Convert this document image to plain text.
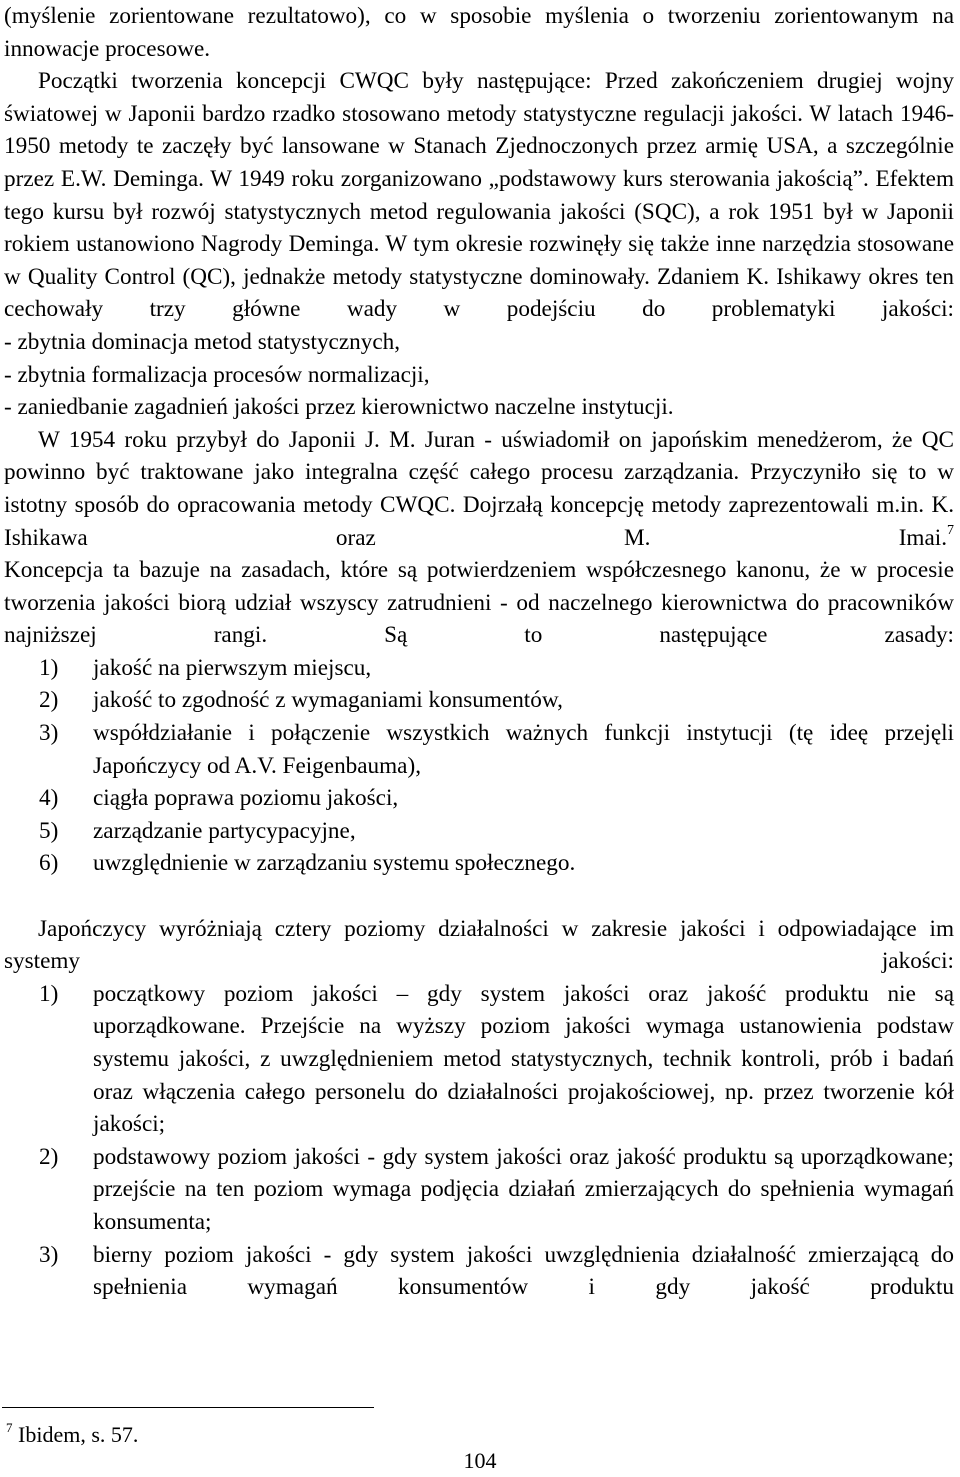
(myślenie zorientowane rezultatowo), co w sposobie myślenia o tworzeniu zorientowanym na innowacje procesowe.

Początki tworzenia koncepcji CWQC były następujące: Przed zakończeniem drugiej wojny światowej w Japonii bardzo rzadko stosowano metody statystyczne regulacji jakości. W latach 1946-1950 metody te zaczęły być lansowane w Stanach Zjednoczonych przez armię USA, a szczególnie przez E.W. Deminga. W 1949 roku zorganizowano „podstawowy kurs sterowania jakością”. Efektem tego kursu był rozwój statystycznych metod regulowania jakości (SQC), a rok 1951 był w Japonii rokiem ustanowiono Nagrody Deminga. W tym okresie rozwinęły się także inne narzędzia stosowane w Quality Control (QC), jednakże metody statystyczne dominowały. Zdaniem K. Ishikawy okres ten cechowały trzy główne wady w podejściu do problematyki jakości:

- zbytnia dominacja metod statystycznych,

- zbytnia formalizacja procesów normalizacji,

- zaniedbanie zagadnień jakości przez kierownictwo naczelne instytucji.

W 1954 roku przybył do Japonii J. M. Juran - uświadomił on japońskim menedżerom, że QC powinno być traktowane jako integralna część całego procesu zarządzania. Przyczyniło się to w istotny sposób do opracowania metody CWQC. Dojrzałą koncepcję metody zaprezentowali m.in. K. Ishikawa oraz M. Imai.$^7$

Koncepcja ta bazuje na zasadach, które są potwierdzeniem współczesnego kanonu, że w procesie tworzenia jakości biorą udział wszyscy zatrudnieni - od naczelnego kierownictwa do pracowników najniższej rangi. Są to następujące zasady:

1)	jakość na pierwszym miejscu,
2)	jakość to zgodność z wymaganiami konsumentów,
3)	współdziałanie i połączenie wszystkich ważnych funkcji instytucji (tę ideę przejęli Japończycy od A.V. Feigenbauma),
4)	ciągła poprawa poziomu jakości,
5)	zarządzanie partycypacyjne,
6)	uwzględnienie w zarządzaniu systemu społecznego.

Japończycy wyróżniają cztery poziomy działalności w zakresie jakości i odpowiadające im systemy jakości:

1)	początkowy poziom jakości – gdy system jakości oraz jakość produktu nie są uporządkowane. Przejście na wyższy poziom jakości wymaga ustanowienia podstaw systemu jakości, z uwzględnieniem metod statystycznych, technik kontroli, prób i badań oraz włączenia całego personelu do działalności projakościowej, np. przez tworzenie kół jakości;
2)	podstawowy poziom jakości - gdy system jakości oraz jakość produktu są uporządkowane; przejście na ten poziom wymaga podjęcia działań zmierzających do spełnienia wymagań konsumenta;
3)	bierny poziom jakości - gdy system jakości uwzględnienia działalność zmierzającą do spełnienia wymagań konsumentów i gdy jakość produktu
$^7$ Ibidem, s. 57.
104
